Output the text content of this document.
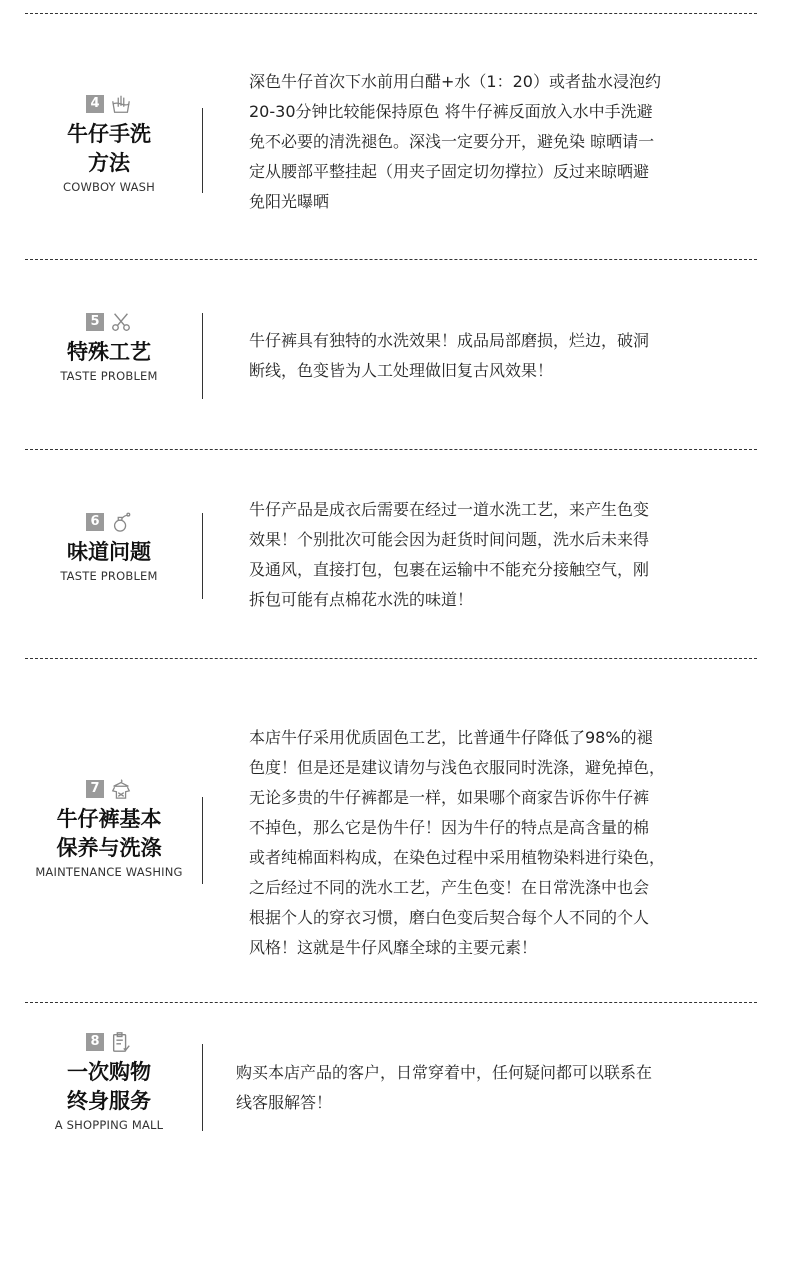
4
牛仔手洗
方法
COWBOY WASH
深色牛仔首次下水前用白醋+水（1：20）或者盐水浸泡约
20-30分钟比较能保持原色 将牛仔裤反面放入水中手洗避
免不必要的清洗褪色。深浅一定要分开，避免染 晾晒请一
定从腰部平整挂起（用夹子固定切勿撑拉）反过来晾晒避
免阳光曝晒
5
特殊工艺
TASTE PROBLEM
牛仔裤具有独特的水洗效果！成品局部磨损，烂边，破洞
断线，色变皆为人工处理做旧复古风效果！
6
味道问题
TASTE PROBLEM
牛仔产品是成衣后需要在经过一道水洗工艺，来产生色变
效果！个别批次可能会因为赶货时间问题，洗水后未来得
及通风，直接打包，包裹在运输中不能充分接触空气，刚
拆包可能有点棉花水洗的味道！
7
牛仔裤基本
保养与洗涤
MAINTENANCE WASHING
本店牛仔采用优质固色工艺，比普通牛仔降低了98%的褪
色度！但是还是建议请勿与浅色衣服同时洗涤，避免掉色，
无论多贵的牛仔裤都是一样，如果哪个商家告诉你牛仔裤
不掉色，那么它是伪牛仔！因为牛仔的特点是高含量的棉
或者纯棉面料构成，在染色过程中采用植物染料进行染色，
之后经过不同的洗水工艺，产生色变！在日常洗涤中也会
根据个人的穿衣习惯，磨白色变后契合每个人不同的个人
风格！这就是牛仔风靡全球的主要元素！
8
一次购物
终身服务
A SHOPPING MALL
购买本店产品的客户，日常穿着中，任何疑问都可以联系在
线客服解答！
